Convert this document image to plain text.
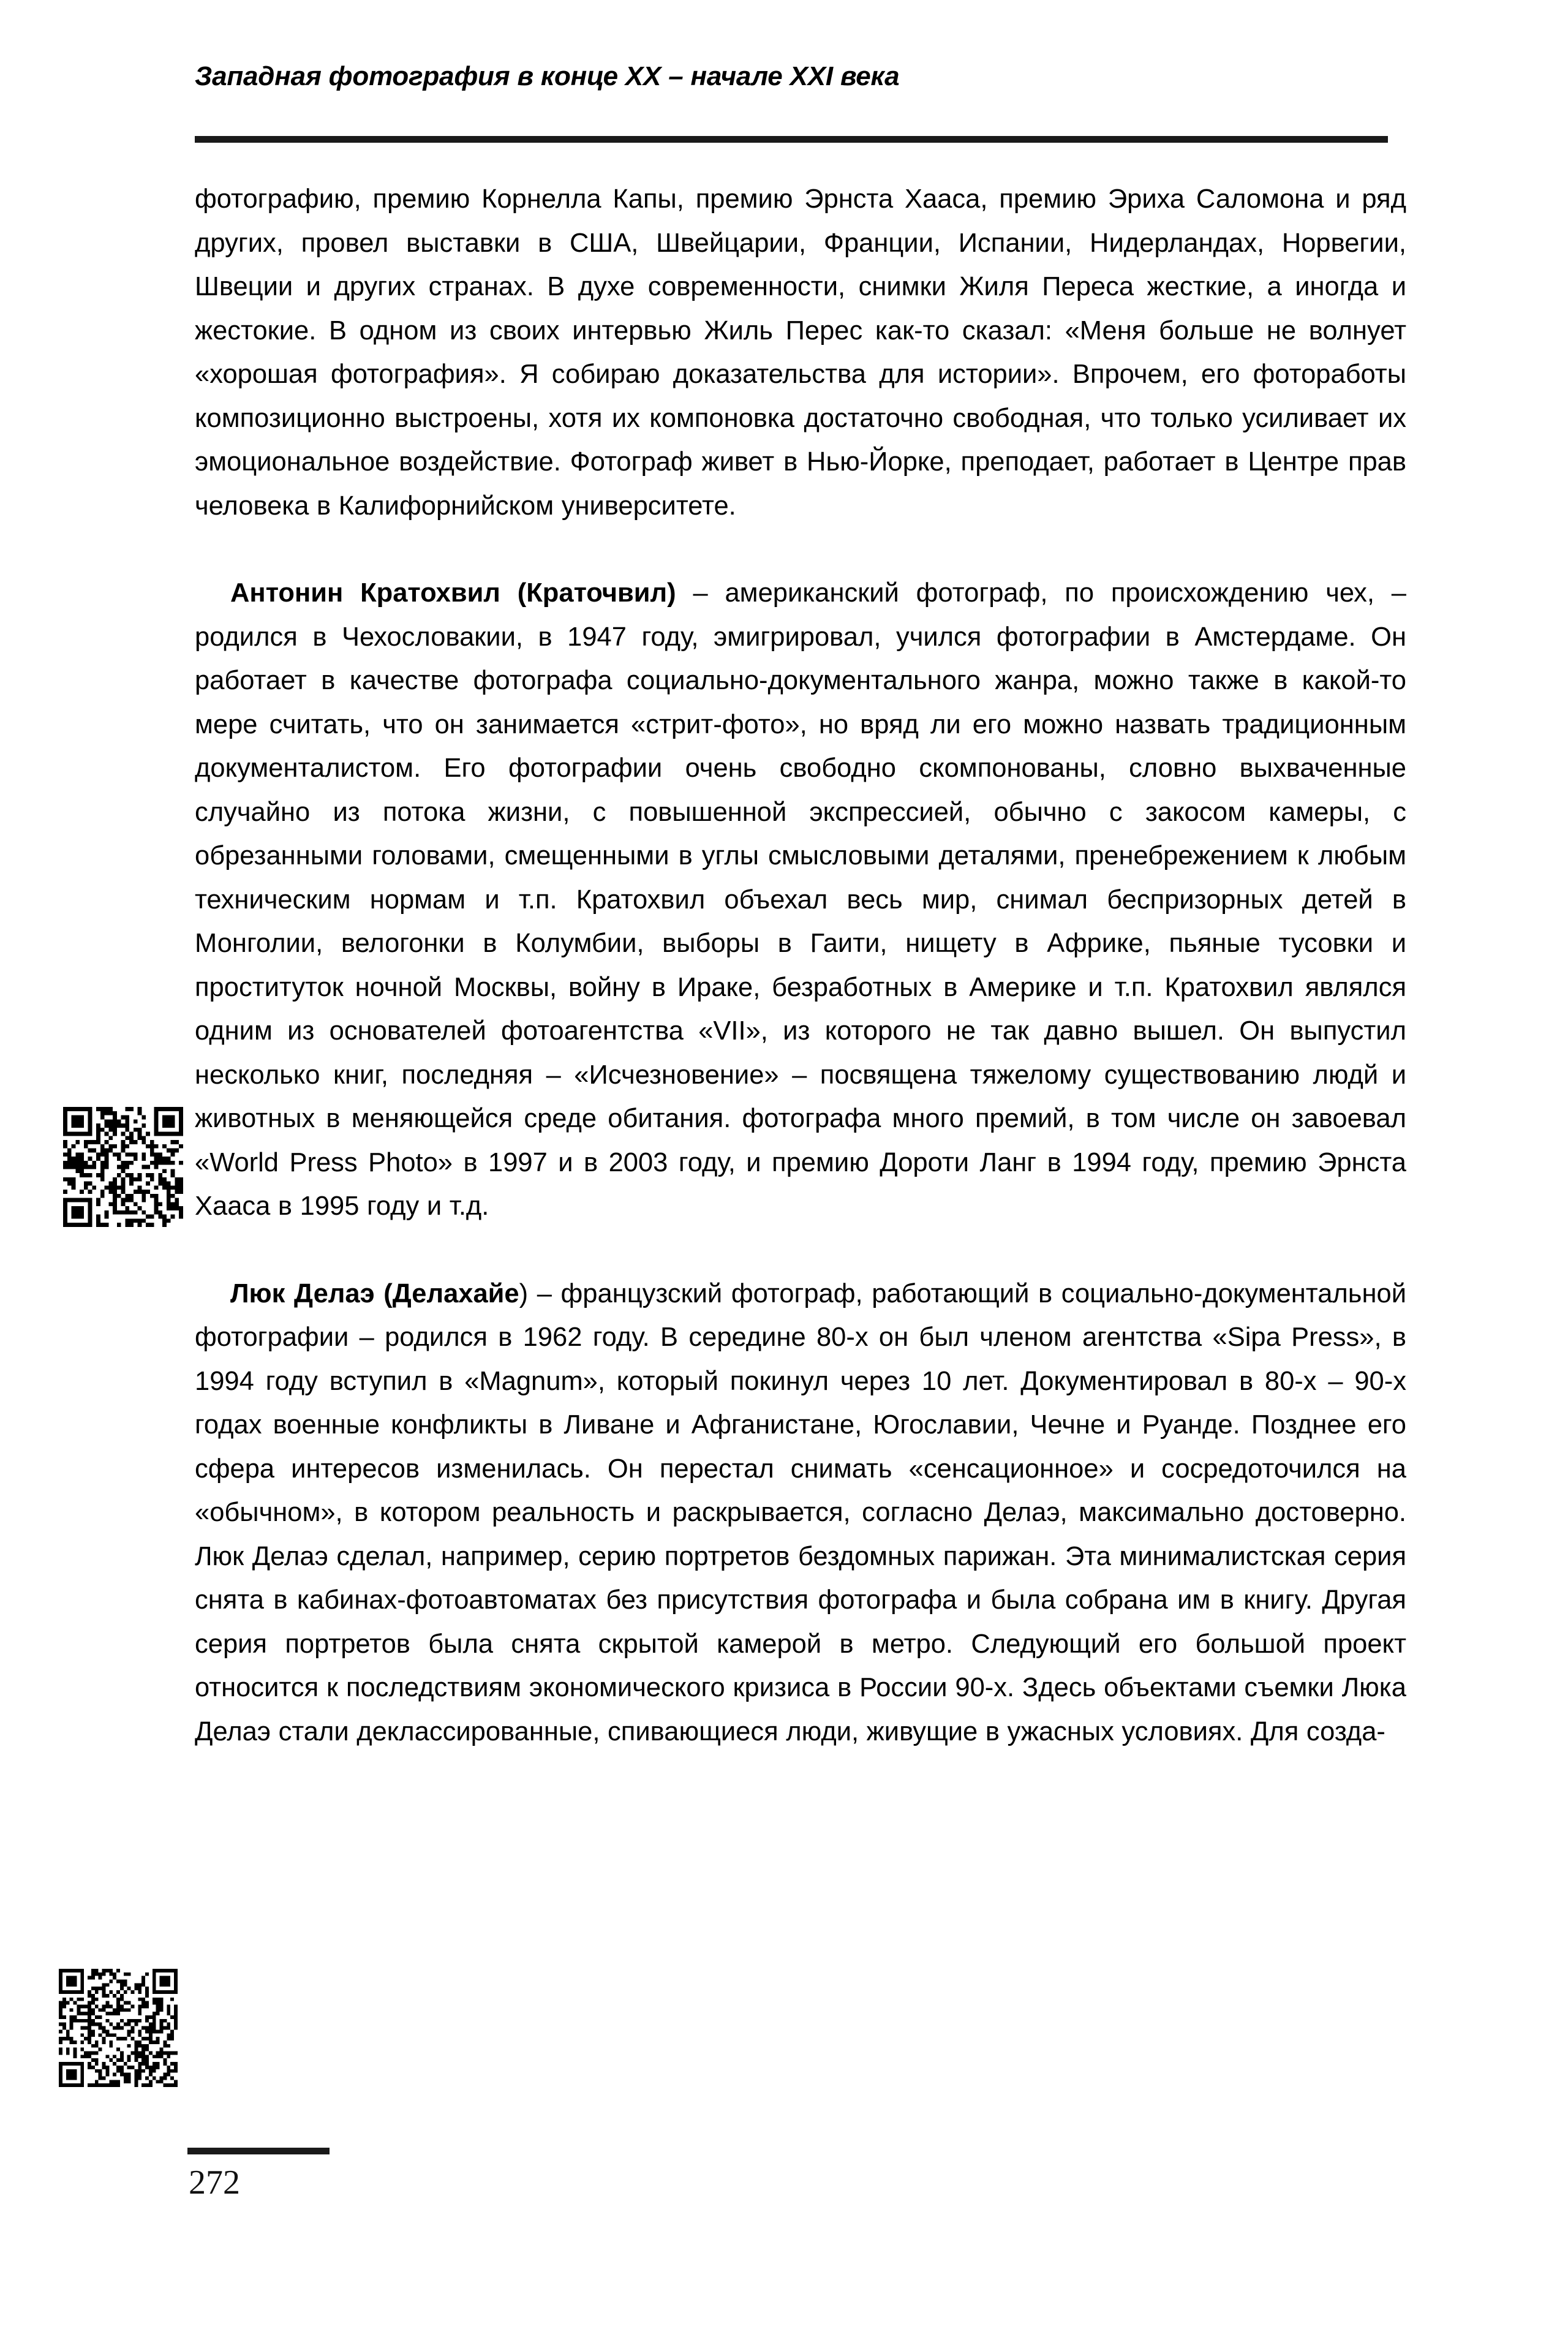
Западная фотография в конце XX – начале XXI века

фотографию, премию Корнелла Капы, премию Эрнста Хааса, премию Эриха Саломона и ряд других, провел выставки в США, Швейцарии, Франции, Испании, Нидерландах, Норвегии, Швеции и других странах. В духе современности, снимки Жиля Переса жесткие, а иногда и жестокие. В одном из своих интервью Жиль Перес как-то сказал: «Меня больше не волнует «хорошая фотография». Я собираю доказательства для истории». Впрочем, его фотоработы композиционно выстроены, хотя их компоновка достаточно свободная, что только усиливает их эмоциональное воздействие. Фотограф живет в Нью-Йорке, преподает, работает в Центре прав человека в Калифорнийском университете.

Антонин Кратохвил (Краточвил) – американский фотограф, по происхождению чех, – родился в Чехословакии, в 1947 году, эмигрировал, учился фотографии в Амстердаме. Он работает в качестве фотографа социально-документального жанра, можно также в какой-то мере считать, что он занимается «стрит-фото», но вряд ли его можно назвать традиционным документалистом. Его фотографии очень свободно скомпонованы, словно выхваченные случайно из потока жизни, с повышенной экспрессией, обычно с закосом камеры, с обрезанными головами, смещенными в углы смысловыми деталями, пренебрежением к любым техническим нормам и т.п. Кратохвил объехал весь мир, снимал беспризорных детей в Монголии, велогонки в Колумбии, выборы в Гаити, нищету в Африке, пьяные тусовки и проституток ночной Москвы, войну в Ираке, безработных в Америке и т.п. Кратохвил являлся одним из основателей фотоагентства «VII», из которого не так давно вышел. Он выпустил несколько книг, последняя – «Исчезновение» – посвящена тяжелому существованию людй и животных в меняющейся среде обитания. фотографа много премий, в том числе он завоевал «World Press Photo» в 1997 и в 2003 году, и премию Дороти Ланг в 1994 году, премию Эрнста Хааса в 1995 году и т.д.

Люк Делаэ (Делахайе) – французский фотограф, работающий в социально-документальной фотографии – родился в 1962 году. В середине 80-х он был членом агентства «Sipa Press», в 1994 году вступил в «Magnum», который покинул через 10 лет. Документировал в 80-х – 90-х годах военные конфликты в Ливане и Афганистане, Югославии, Чечне и Руанде. Позднее его сфера интересов изменилась. Он перестал снимать «сенсационное» и сосредоточился на «обычном», в котором реальность и раскрывается, согласно Делаэ, максимально достоверно. Люк Делаэ сделал, например, серию портретов бездомных парижан. Эта минималистская серия снята в кабинах-фотоавтоматах без присутствия фотографа и была собрана им в книгу. Другая серия портретов была снята скрытой камерой в метро. Следующий его большой проект относится к последствиям экономического кризиса в России 90-х. Здесь объектами съемки Люка Делаэ стали деклассированные, спивающиеся люди, живущие в ужасных условиях. Для созда-

272
